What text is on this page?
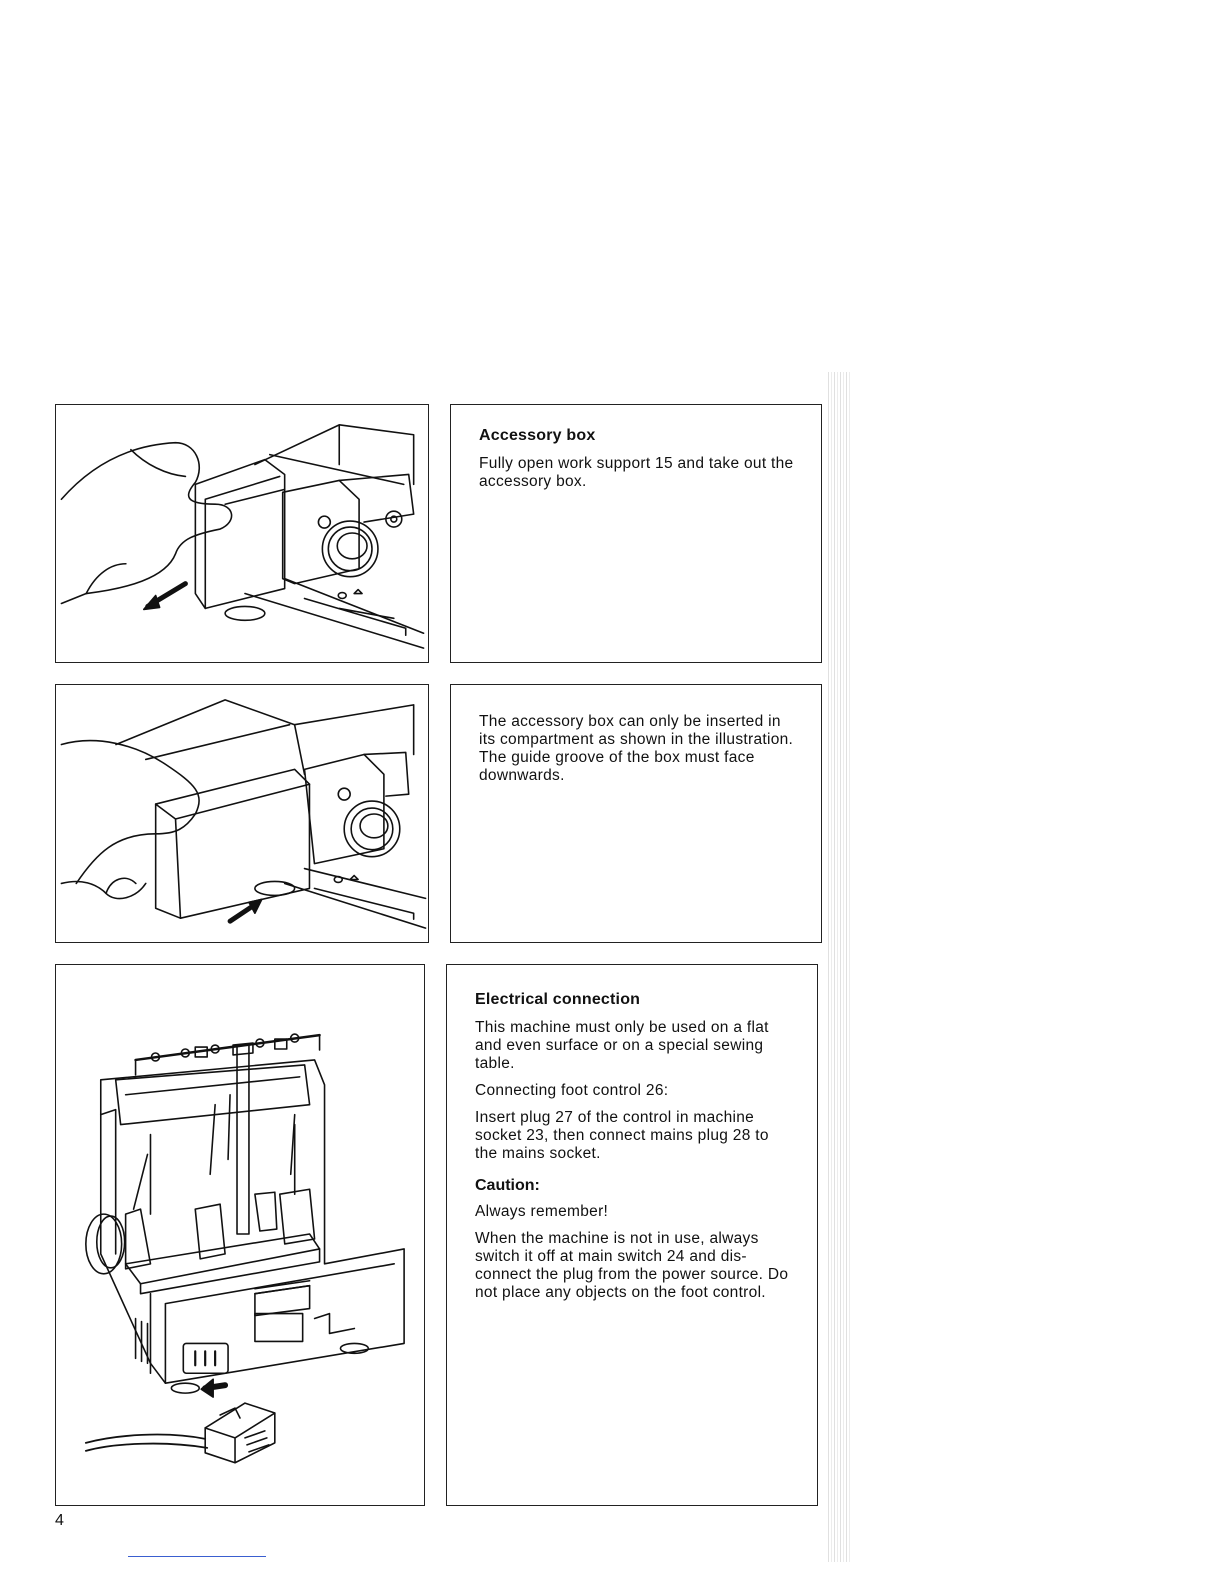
Accessory box
Fully open work support 15 and take out the accessory box.
The accessory box can only be inserted in its compartment as shown in the illustration. The guide groove of the box must face downwards.
Electrical connection
This machine must only be used on a flat and even surface or on a special sewing table.
Connecting foot control 26:
Insert plug 27 of the control in machine socket 23, then connect mains plug 28 to the mains socket.
Caution:
Always remember!
When the machine is not in use, always switch it off at main switch 24 and dis-connect the plug from the power source. Do not place any objects on the foot control.
4
